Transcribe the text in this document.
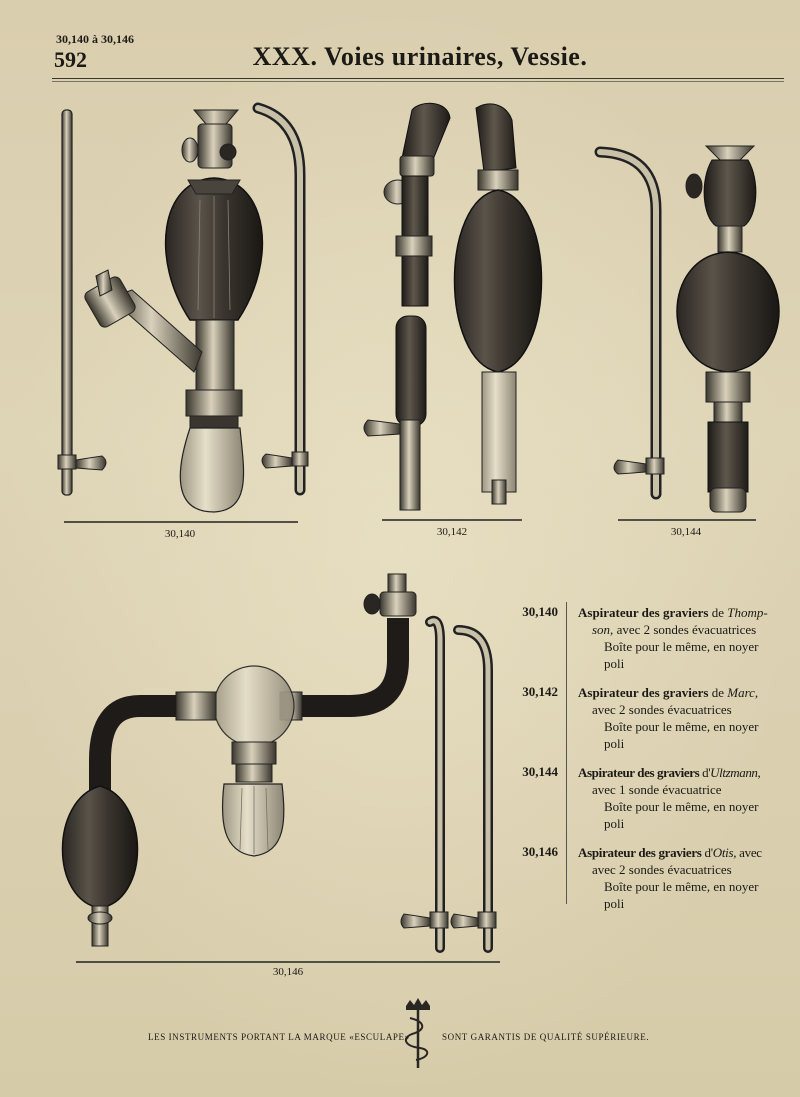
30,140 à 30,146
592	XXX. Voies urinaires, Vessie.
30,140	30,142	30,144
30,146
30,140 Aspirateur des graviers de Thomp-
son, avec 2 sondes évacuatrices
Boîte pour le même, en noyer
poli
30,142 Aspirateur des graviers de Marc,
avec 2 sondes évacuatrices
Boîte pour le même, en noyer
poli
30,144 Aspirateur des graviers d'Ultzmann,
avec 1 sonde évacuatrice
Boîte pour le même, en noyer
poli
30,146 Aspirateur des graviers d'Otis, avec
avec 2 sondes évacuatrices
Boîte pour le même, en noyer
poli
LES INSTRUMENTS PORTANT LA MARQUE «ESCULAPE»	SONT GARANTIS DE QUALITÉ SUPÉRIEURE.
